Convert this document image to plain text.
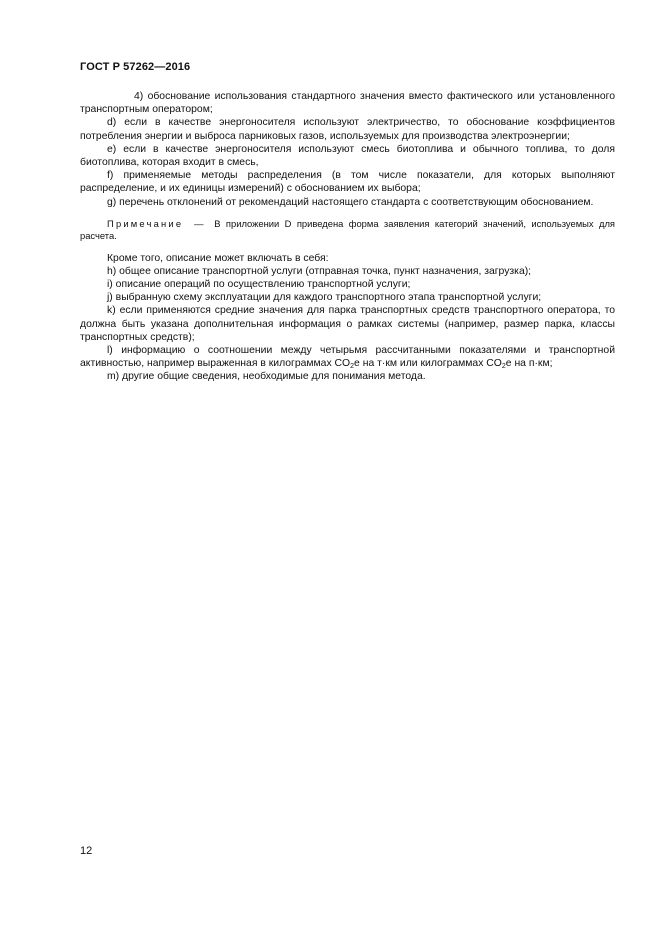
ГОСТ Р 57262—2016

4) обоснование использования стандартного значения вместо фактического или установленного транспортным оператором;

d) если в качестве энергоносителя используют электричество, то обоснование коэффициентов потребления энергии и выброса парниковых газов, используемых для производства электроэнергии;

e) если в качестве энергоносителя используют смесь биотоплива и обычного топлива, то доля биотоплива, которая входит в смесь,

f) применяемые методы распределения (в том числе показатели, для которых выполняют распределение, и их единицы измерений) с обоснованием их выбора;

g) перечень отклонений от рекомендаций настоящего стандарта с соответствующим обоснованием.

Примечание — В приложении D приведена форма заявления категорий значений, используемых для расчета.

Кроме того, описание может включать в себя:

h) общее описание транспортной услуги (отправная точка, пункт назначения, загрузка);

i) описание операций по осуществлению транспортной услуги;

j) выбранную схему эксплуатации для каждого транспортного этапа транспортной услуги;

k) если применяются средние значения для парка транспортных средств транспортного оператора, то должна быть указана дополнительная информация о рамках системы (например, размер парка, классы транспортных средств);

l) информацию о соотношении между четырьмя рассчитанными показателями и транспортной активностью, например выраженная в килограммах $CO_2e$ на т·км или килограммах $CO_2e$ на п·км;

m) другие общие сведения, необходимые для понимания метода.

12
